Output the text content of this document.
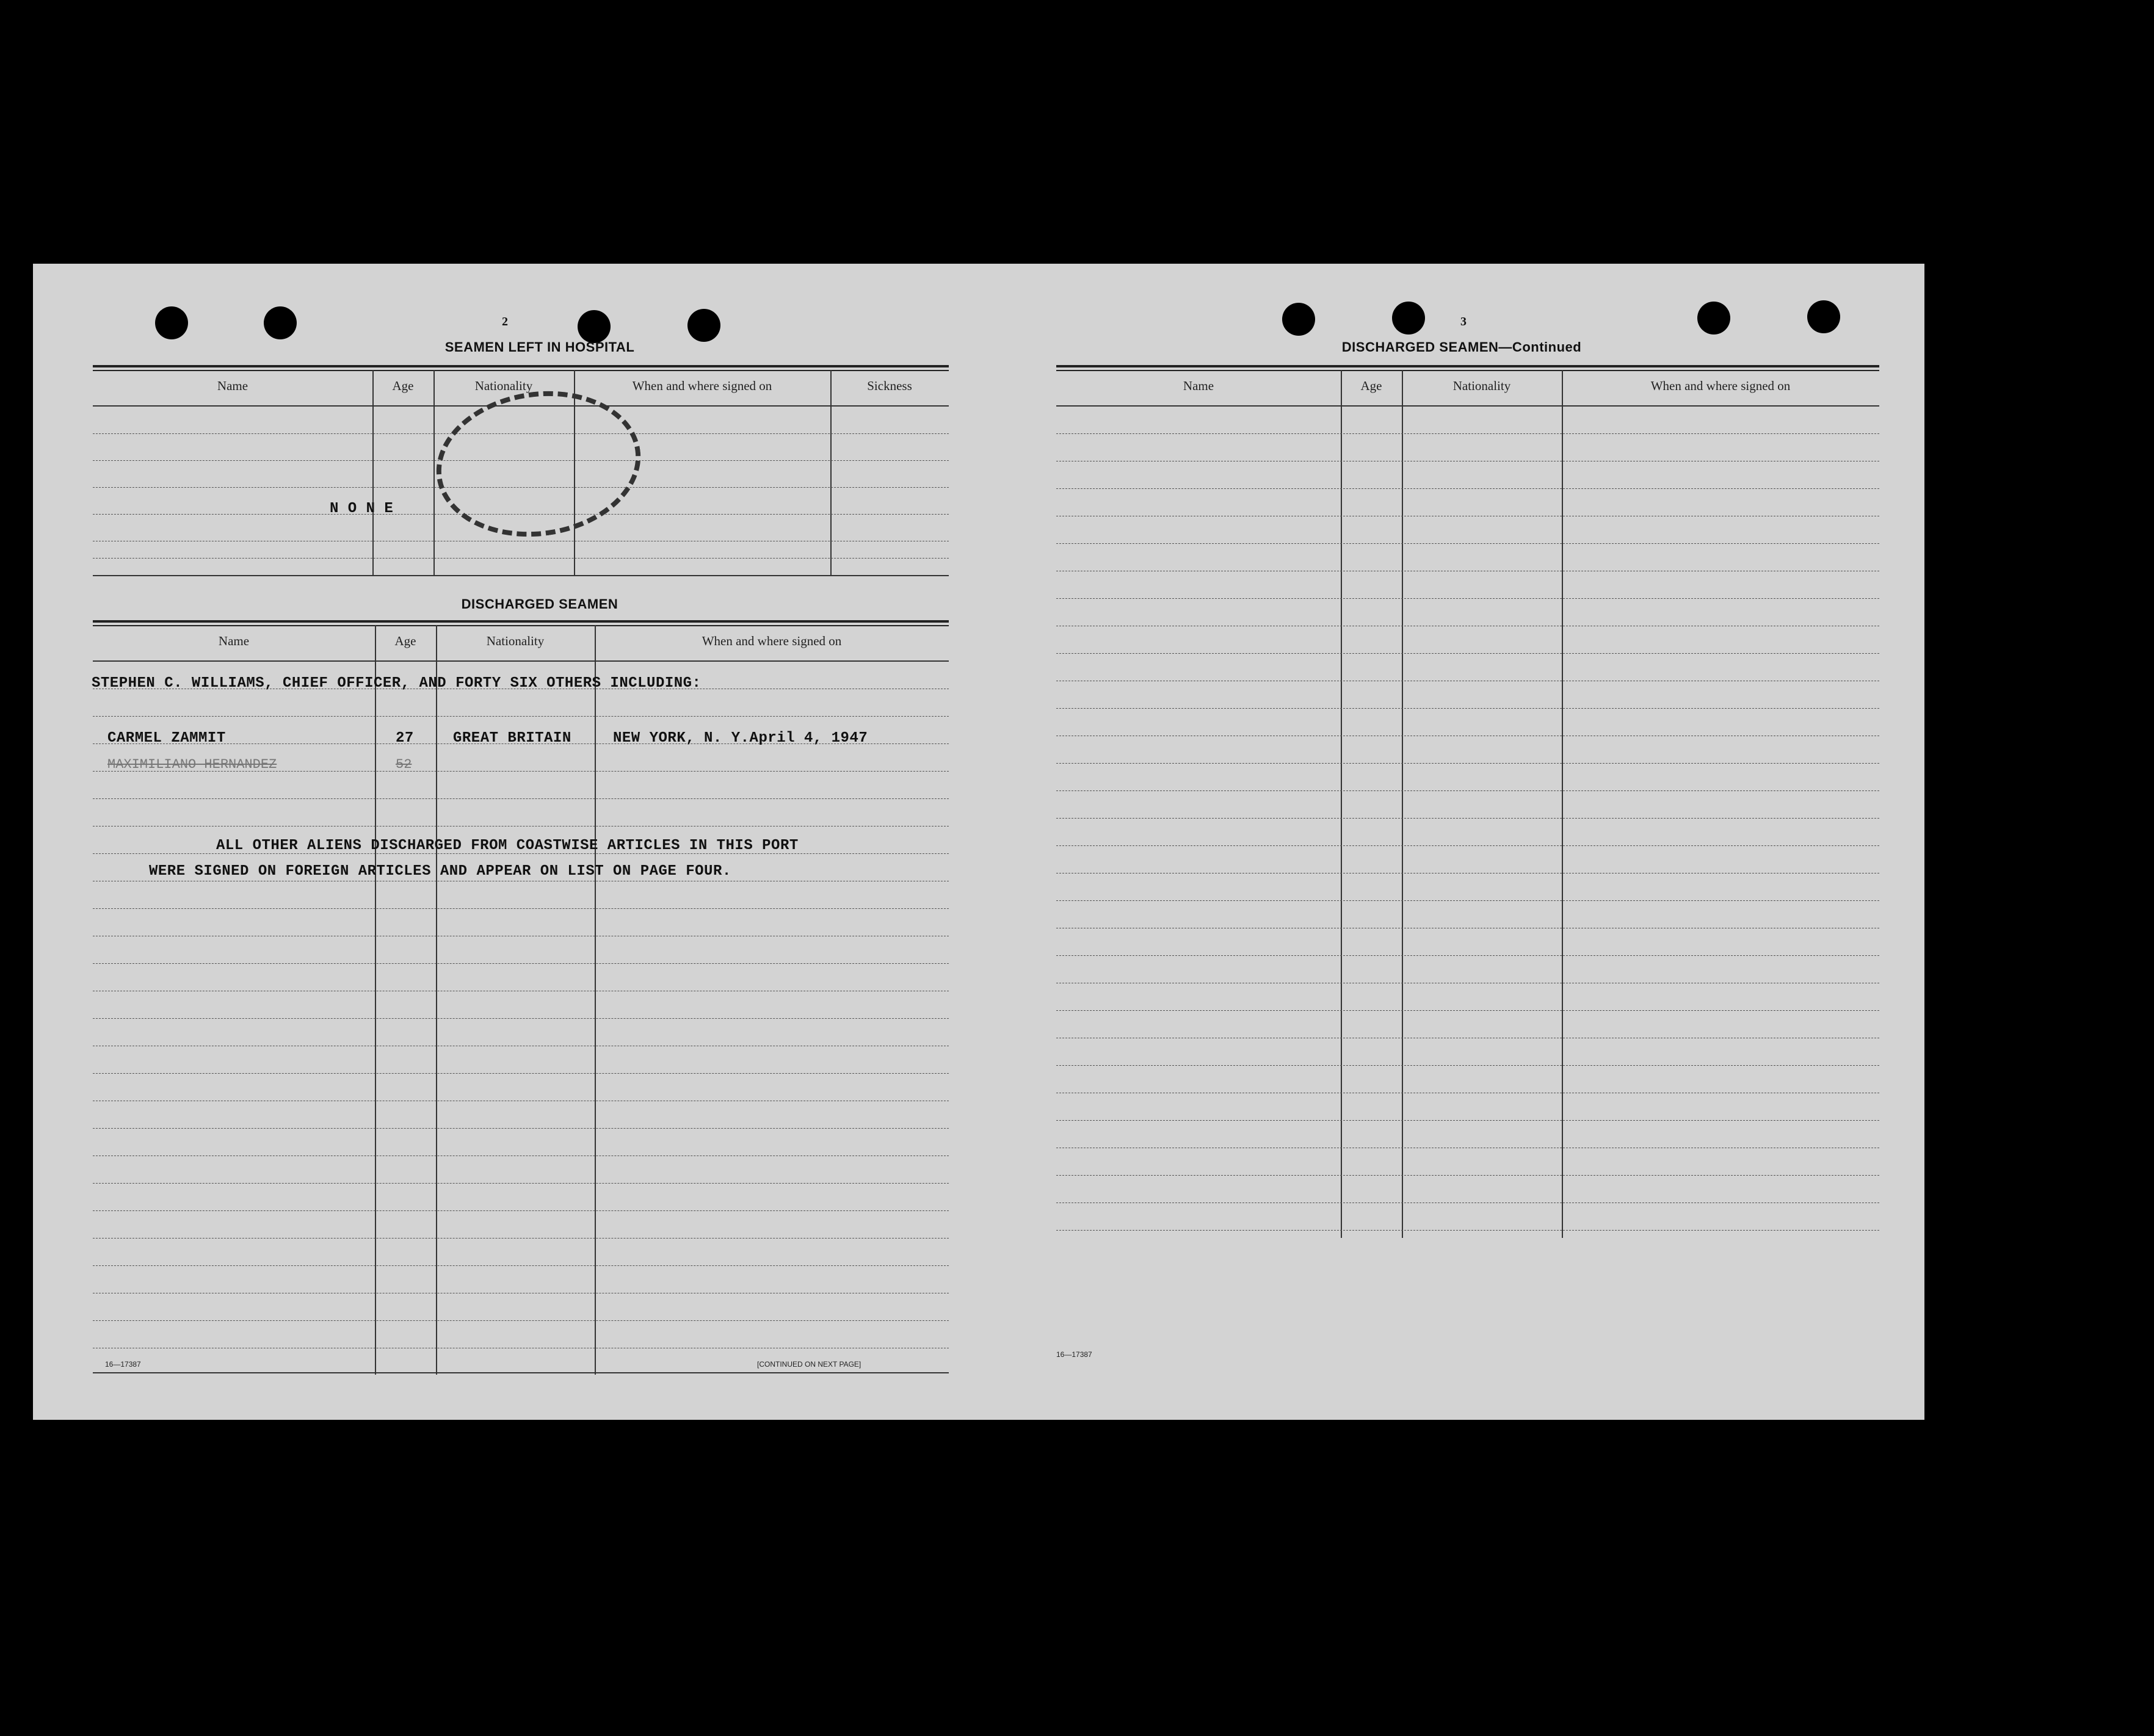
2
SEAMEN LEFT IN HOSPITAL
Name	Age	Nationality	When and where signed on	Sickness
N O N E
DISCHARGED SEAMEN
Name	Age	Nationality	When and where signed on
STEPHEN C. WILLIAMS, CHIEF OFFICER, AND FORTY SIX OTHERS INCLUDING:
CARMEL ZAMMIT	27	GREAT BRITAIN	NEW YORK, N. Y.April 4, 1947
MAXIMILIANO HERNANDEZ	52
ALL OTHER ALIENS DISCHARGED FROM COASTWISE ARTICLES IN THIS PORT
WERE SIGNED ON FOREIGN ARTICLES AND APPEAR ON LIST ON PAGE FOUR.
16—17387	[CONTINUED ON NEXT PAGE]
3
DISCHARGED SEAMEN—Continued
Name	Age	Nationality	When and where signed on
16—17387
